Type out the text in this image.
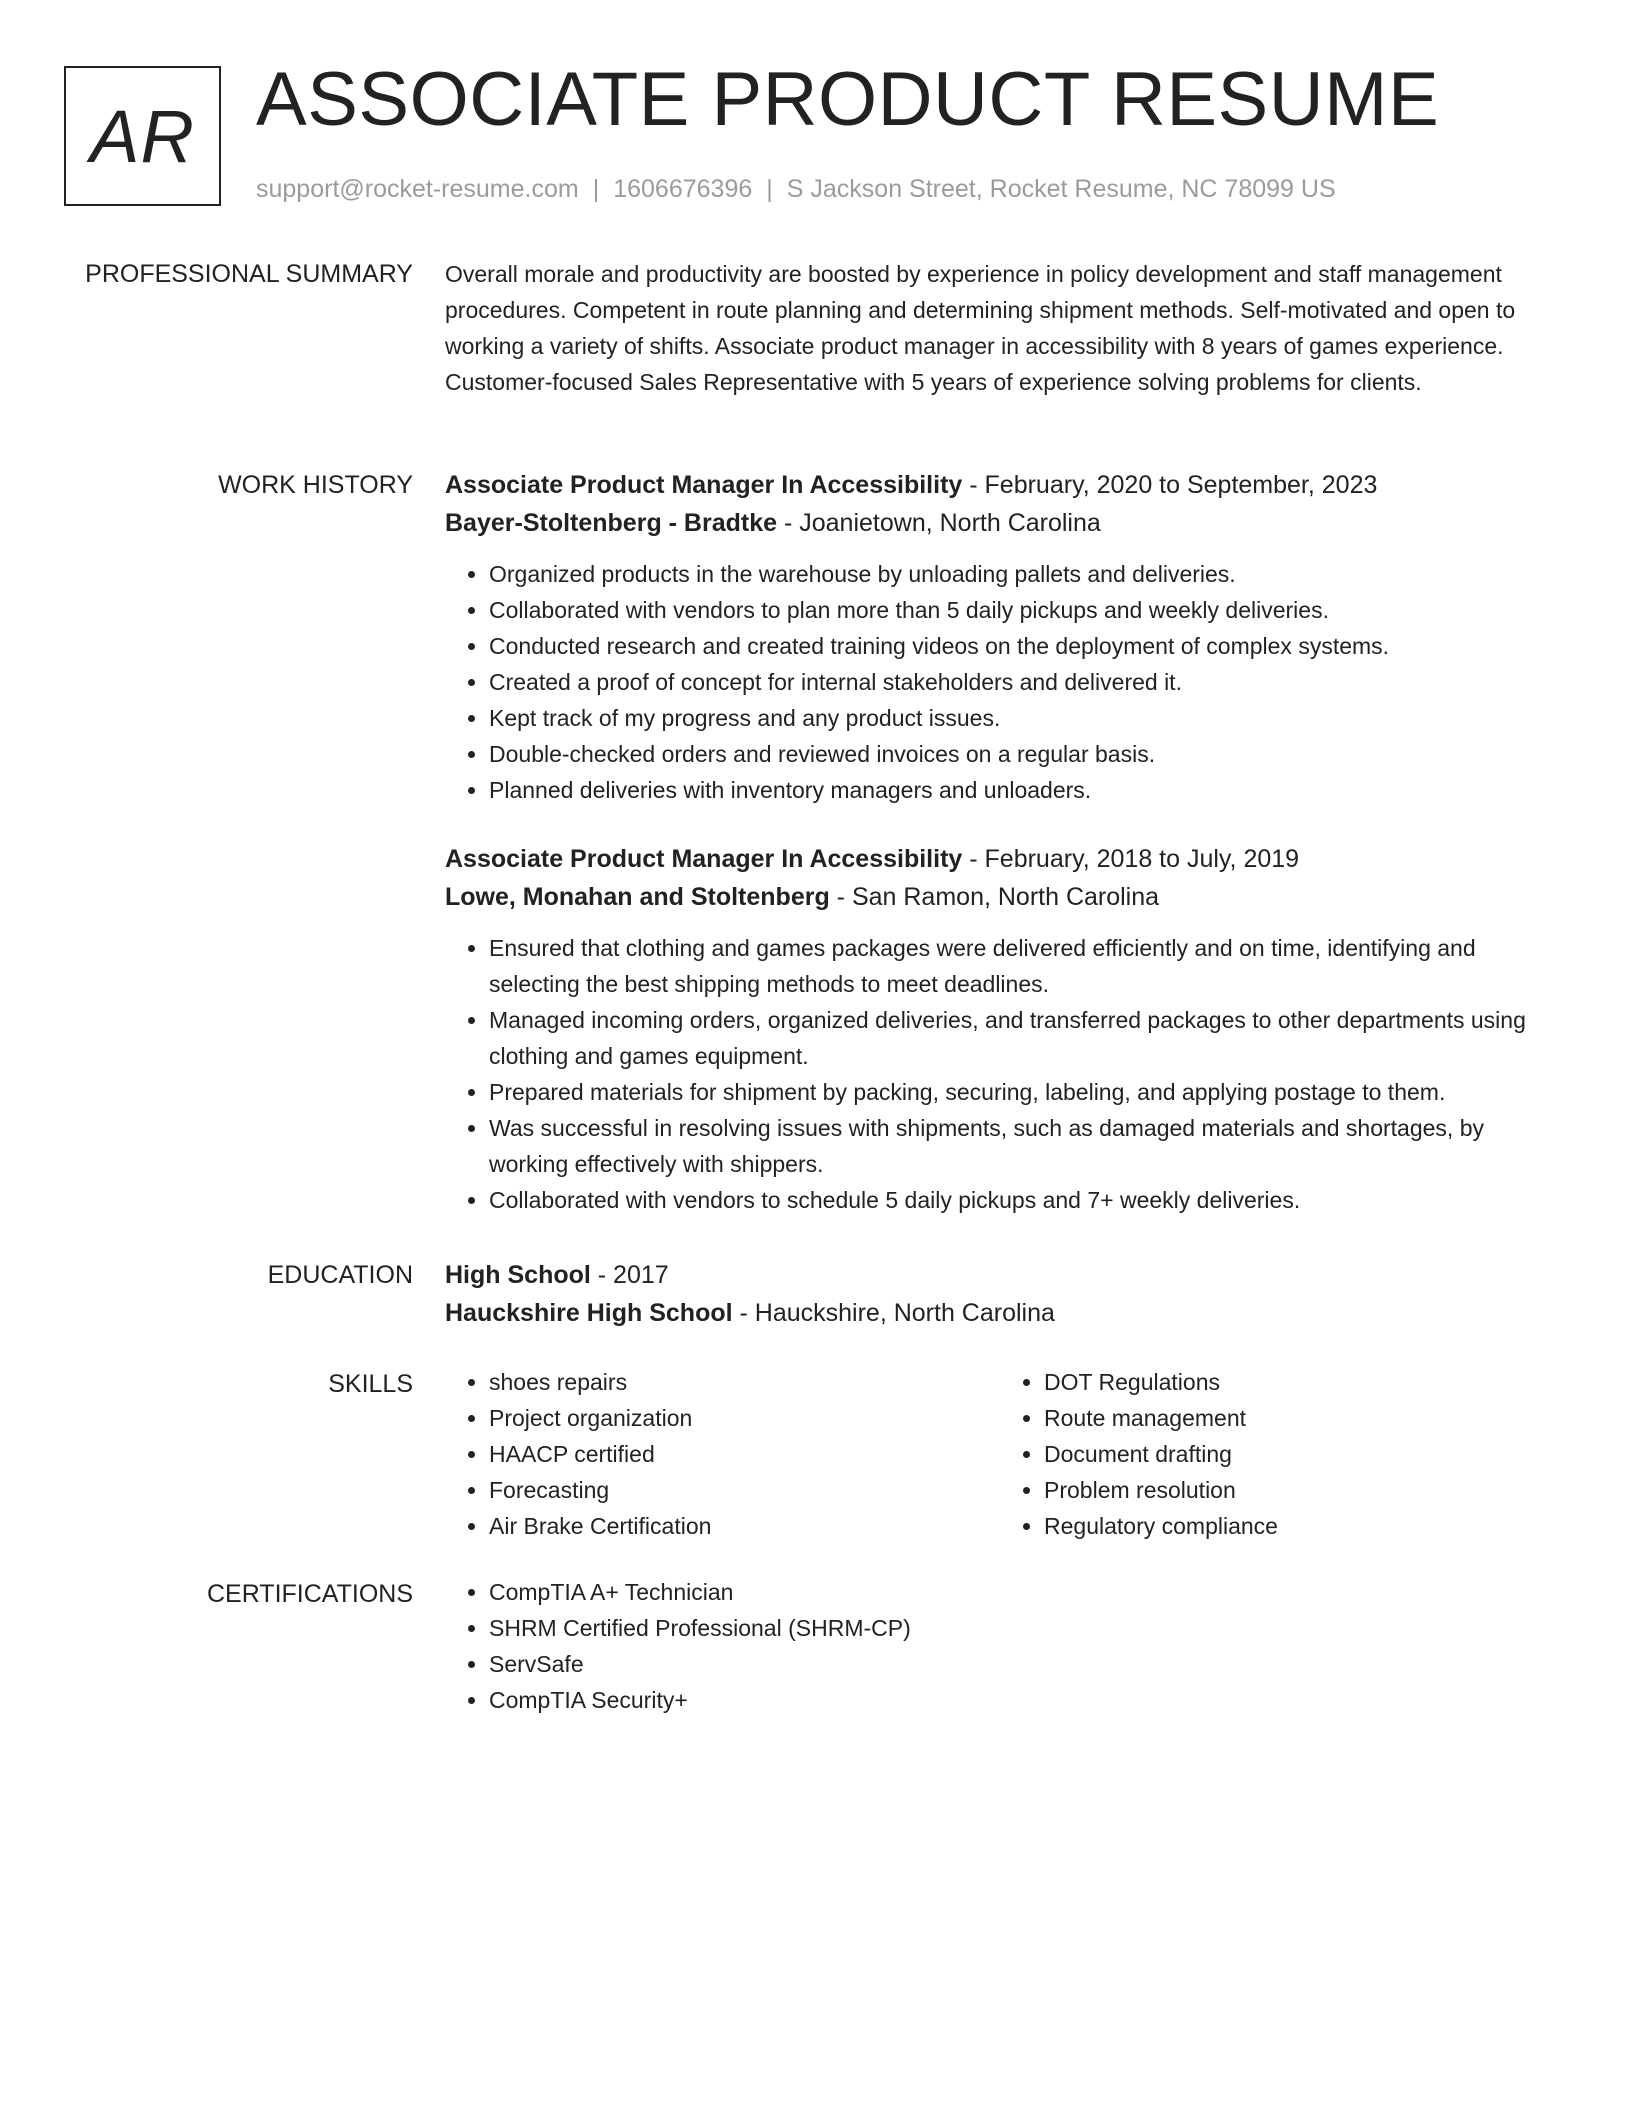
AR ASSOCIATE PRODUCT RESUME
support@rocket-resume.com | 1606676396 | S Jackson Street, Rocket Resume, NC 78099 US
PROFESSIONAL SUMMARY Overall morale and productivity are boosted by experience in policy development and staff management procedures. Competent in route planning and determining shipment methods. Self-motivated and open to working a variety of shifts. Associate product manager in accessibility with 8 years of games experience. Customer-focused Sales Representative with 5 years of experience solving problems for clients.

WORK HISTORY Associate Product Manager In Accessibility - February, 2020 to September, 2023
Bayer-Stoltenberg - Bradtke - Joanietown, North Carolina
• Organized products in the warehouse by unloading pallets and deliveries.
• Collaborated with vendors to plan more than 5 daily pickups and weekly deliveries.
• Conducted research and created training videos on the deployment of complex systems.
• Created a proof of concept for internal stakeholders and delivered it.
• Kept track of my progress and any product issues.
• Double-checked orders and reviewed invoices on a regular basis.
• Planned deliveries with inventory managers and unloaders.
Associate Product Manager In Accessibility - February, 2018 to July, 2019
Lowe, Monahan and Stoltenberg - San Ramon, North Carolina
• Ensured that clothing and games packages were delivered efficiently and on time, identifying and selecting the best shipping methods to meet deadlines.
• Managed incoming orders, organized deliveries, and transferred packages to other departments using clothing and games equipment.
• Prepared materials for shipment by packing, securing, labeling, and applying postage to them.
• Was successful in resolving issues with shipments, such as damaged materials and shortages, by working effectively with shippers.
• Collaborated with vendors to schedule 5 daily pickups and 7+ weekly deliveries.
EDUCATION High School - 2017
Hauckshire High School - Hauckshire, North Carolina
SKILLS	• shoes repairs
• Project organization
• HAACP certified
• Forecasting
• Air Brake Certification
• DOT Regulations
• Route management
• Document drafting
• Problem resolution
• Regulatory compliance
CERTIFICATIONS	• CompTIA A+ Technician
• SHRM Certified Professional (SHRM-CP)
• ServSafe
• CompTIA Security+
